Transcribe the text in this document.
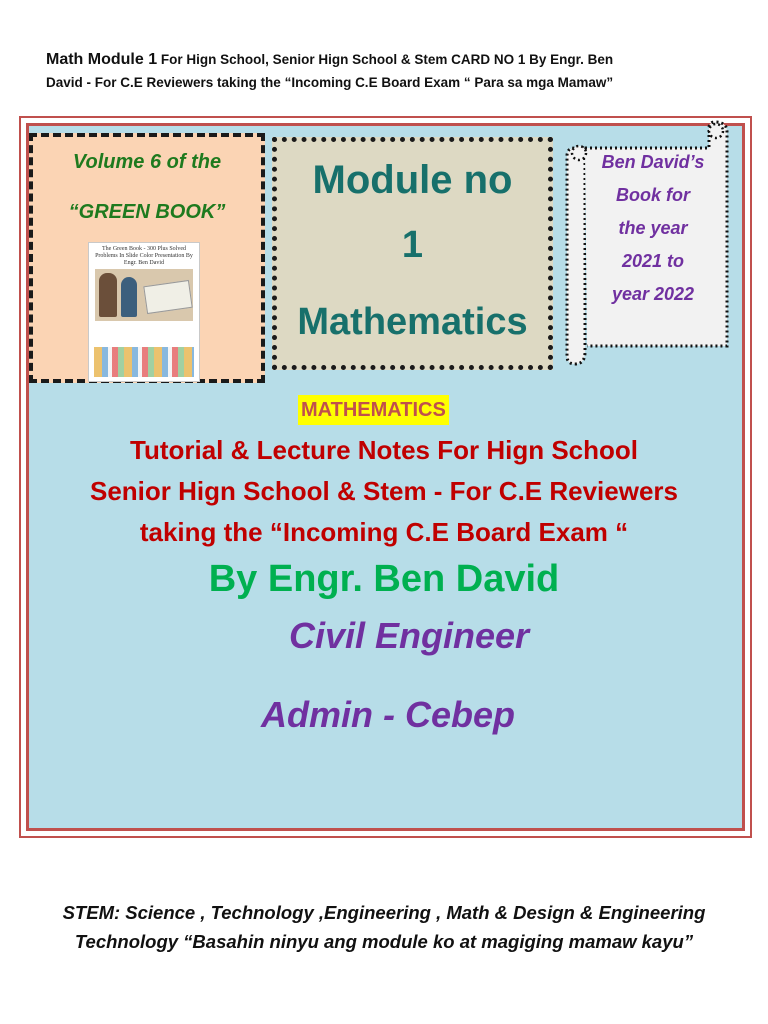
Math Module 1 For Hign School, Senior Hign School & Stem CARD NO 1 By Engr. Ben
David - For C.E Reviewers taking the “Incoming C.E Board Exam “ Para sa mga Mamaw”
Volume 6 of the
“GREEN BOOK”
The Green Book - 300 Plus Solved Problems In Slide Color Presentation By Engr. Ben David
Module no
1
Mathematics
Ben David’s
Book for
the year
2021 to
year 2022
MATHEMATICS
Tutorial & Lecture Notes For Hign School
Senior Hign School & Stem - For C.E Reviewers
taking the “Incoming C.E Board Exam “
By Engr. Ben David
Civil Engineer
Admin - Cebep
STEM: Science , Technology ,Engineering , Math & Design & Engineering
Technology “Basahin ninyu ang module ko at magiging mamaw kayu”
